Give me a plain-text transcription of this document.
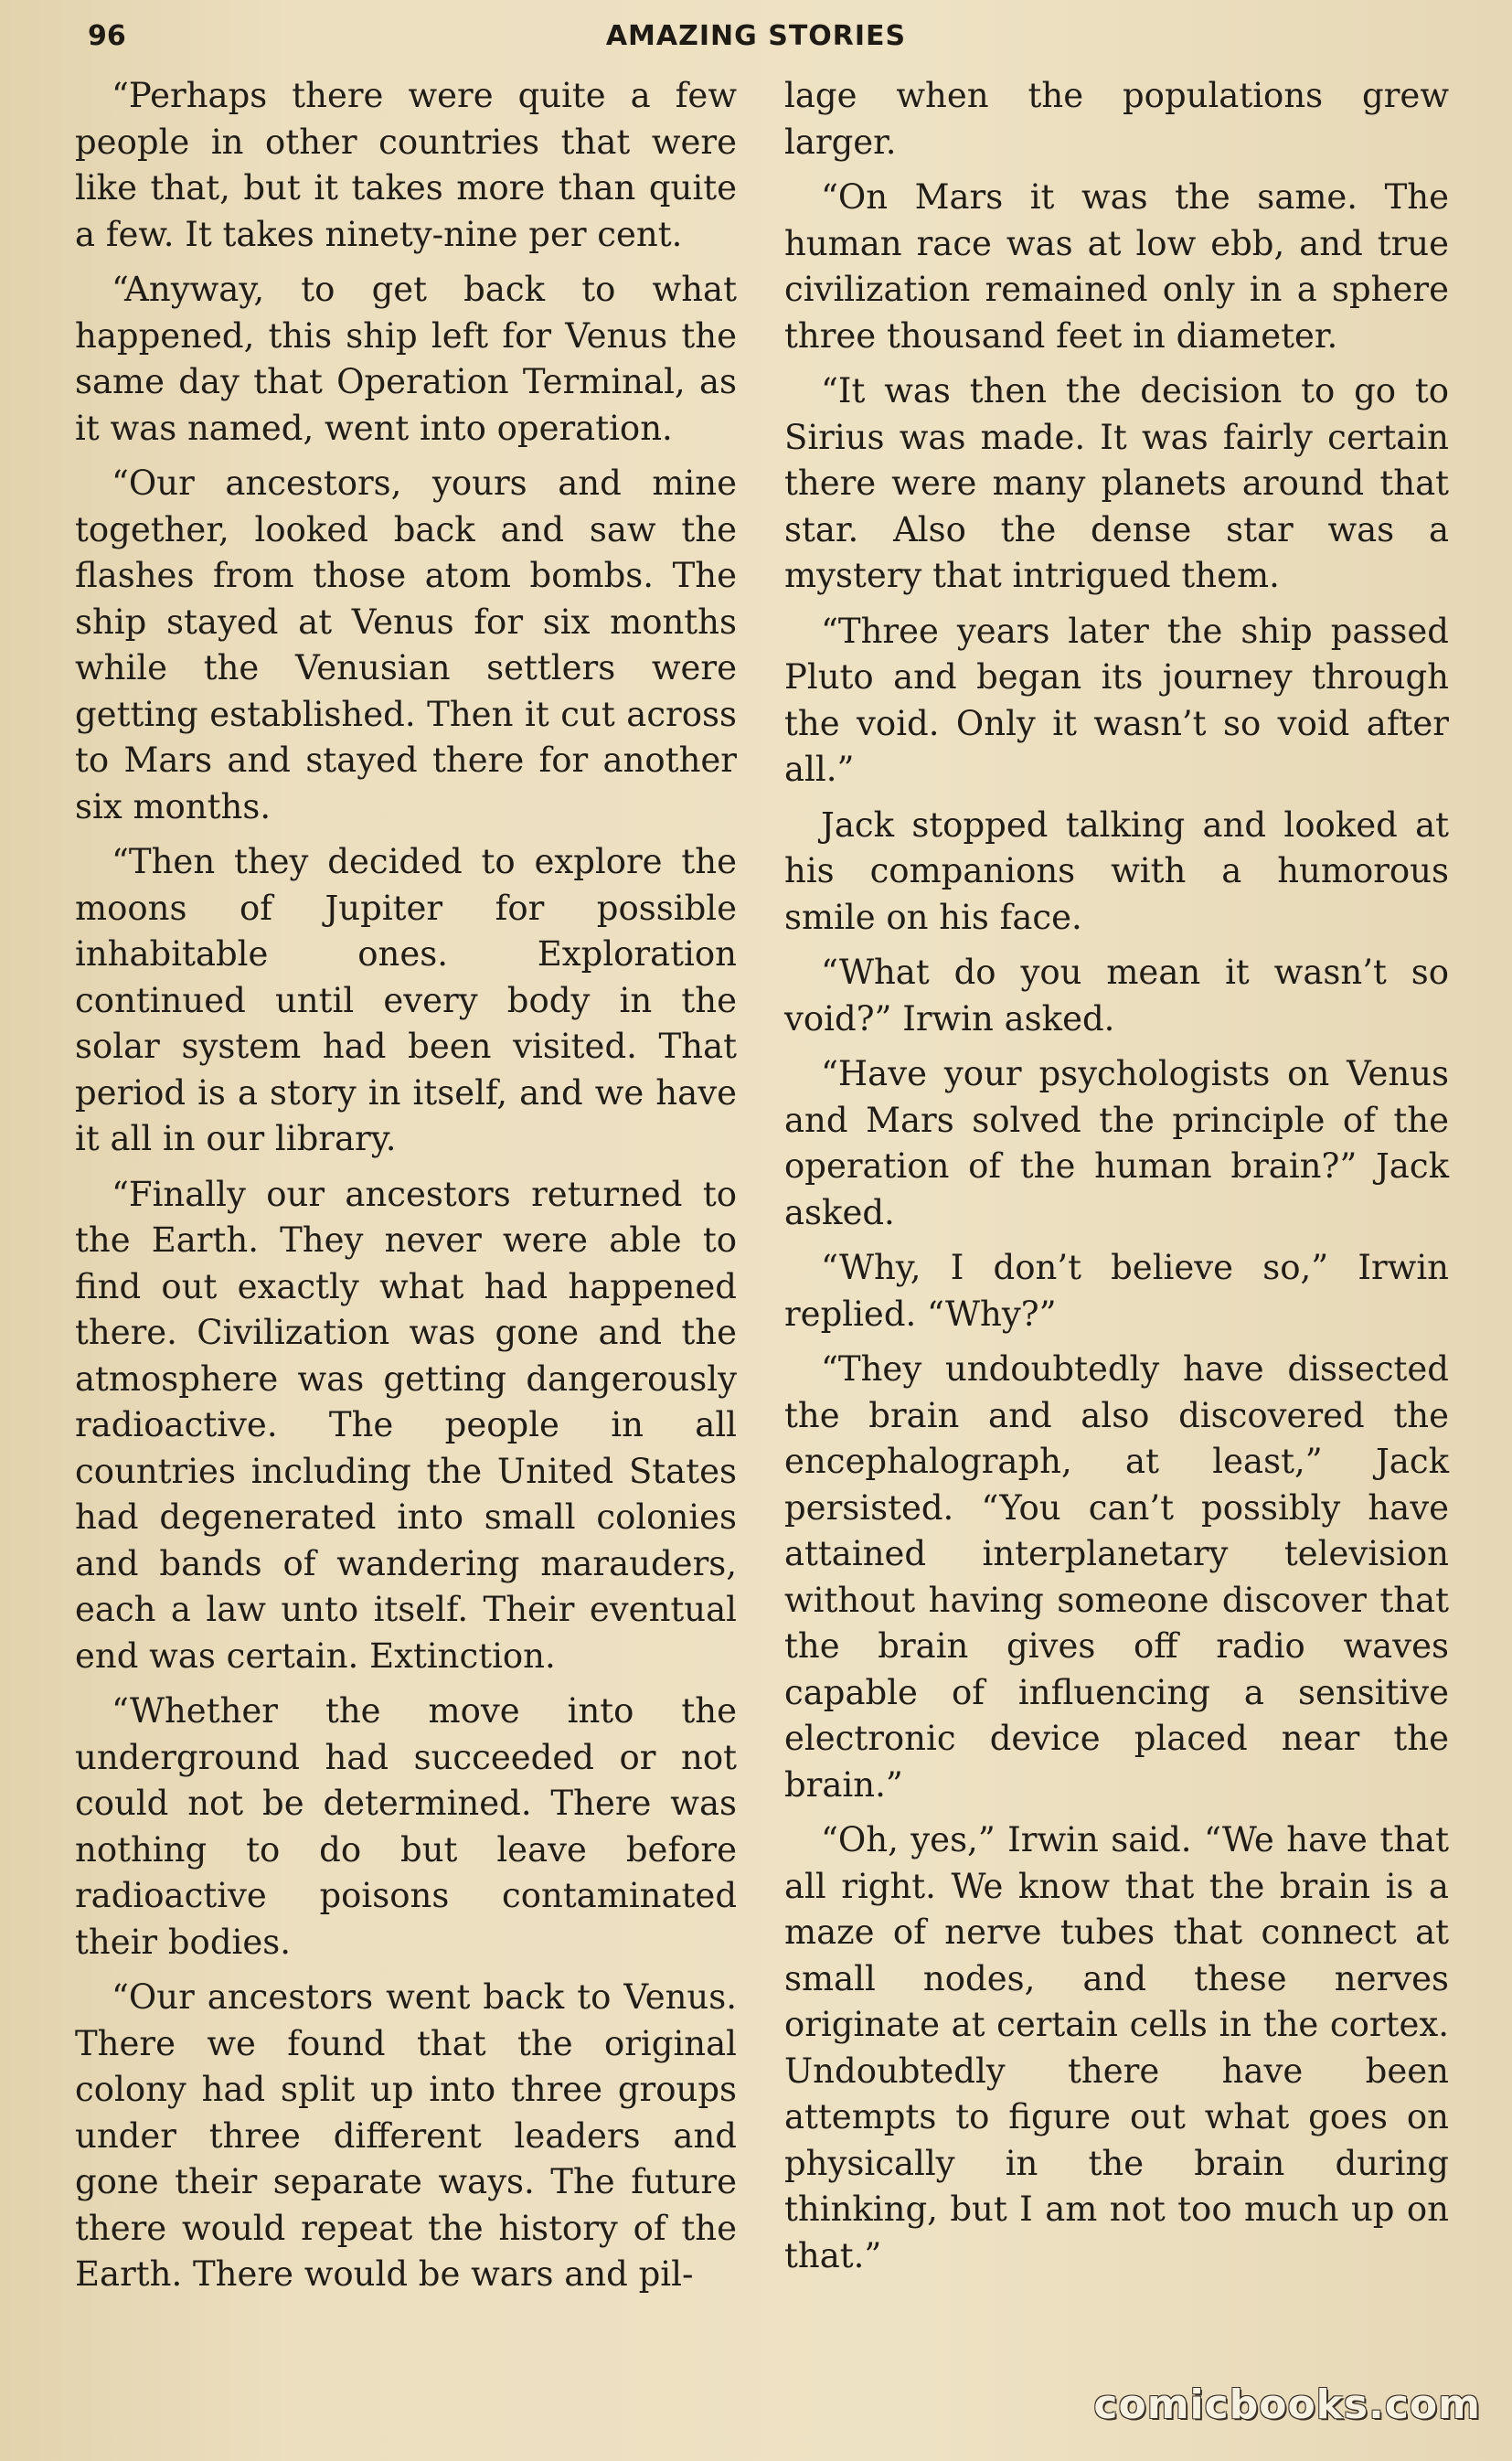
96	AMAZING STORIES

“Perhaps there were quite a few people in other countries that were like that, but it takes more than quite a few. It takes ninety-nine per cent.

“Anyway, to get back to what happened, this ship left for Venus the same day that Operation Terminal, as it was named, went into operation.

“Our ancestors, yours and mine together, looked back and saw the flashes from those atom bombs. The ship stayed at Venus for six months while the Venusian settlers were getting established. Then it cut across to Mars and stayed there for another six months.

“Then they decided to explore the moons of Jupiter for possible inhabitable ones. Exploration continued until every body in the solar system had been visited. That period is a story in itself, and we have it all in our library.

“Finally our ancestors returned to the Earth. They never were able to find out exactly what had happened there. Civilization was gone and the atmosphere was getting dangerously radioactive. The people in all countries including the United States had degenerated into small colonies and bands of wandering marauders, each a law unto itself. Their eventual end was certain. Extinction.

“Whether the move into the underground had succeeded or not could not be determined. There was nothing to do but leave before radioactive poisons contaminated their bodies.

“Our ancestors went back to Venus. There we found that the original colony had split up into three groups under three different leaders and gone their separate ways. The future there would repeat the history of the Earth. There would be wars and pil-

lage when the populations grew larger.

“On Mars it was the same. The human race was at low ebb, and true civilization remained only in a sphere three thousand feet in diameter.

“It was then the decision to go to Sirius was made. It was fairly certain there were many planets around that star. Also the dense star was a mystery that intrigued them.

“Three years later the ship passed Pluto and began its journey through the void. Only it wasn’t so void after all.”

Jack stopped talking and looked at his companions with a humorous smile on his face.

“What do you mean it wasn’t so void?” Irwin asked.

“Have your psychologists on Venus and Mars solved the principle of the operation of the human brain?” Jack asked.

“Why, I don’t believe so,” Irwin replied. “Why?”

“They undoubtedly have dissected the brain and also discovered the encephalograph, at least,” Jack persisted. “You can’t possibly have attained interplanetary television without having someone discover that the brain gives off radio waves capable of influencing a sensitive electronic device placed near the brain.”

“Oh, yes,” Irwin said. “We have that all right. We know that the brain is a maze of nerve tubes that connect at small nodes, and these nerves originate at certain cells in the cortex. Undoubtedly there have been attempts to figure out what goes on physically in the brain during thinking, but I am not too much up on that.”

comicbooks.com
